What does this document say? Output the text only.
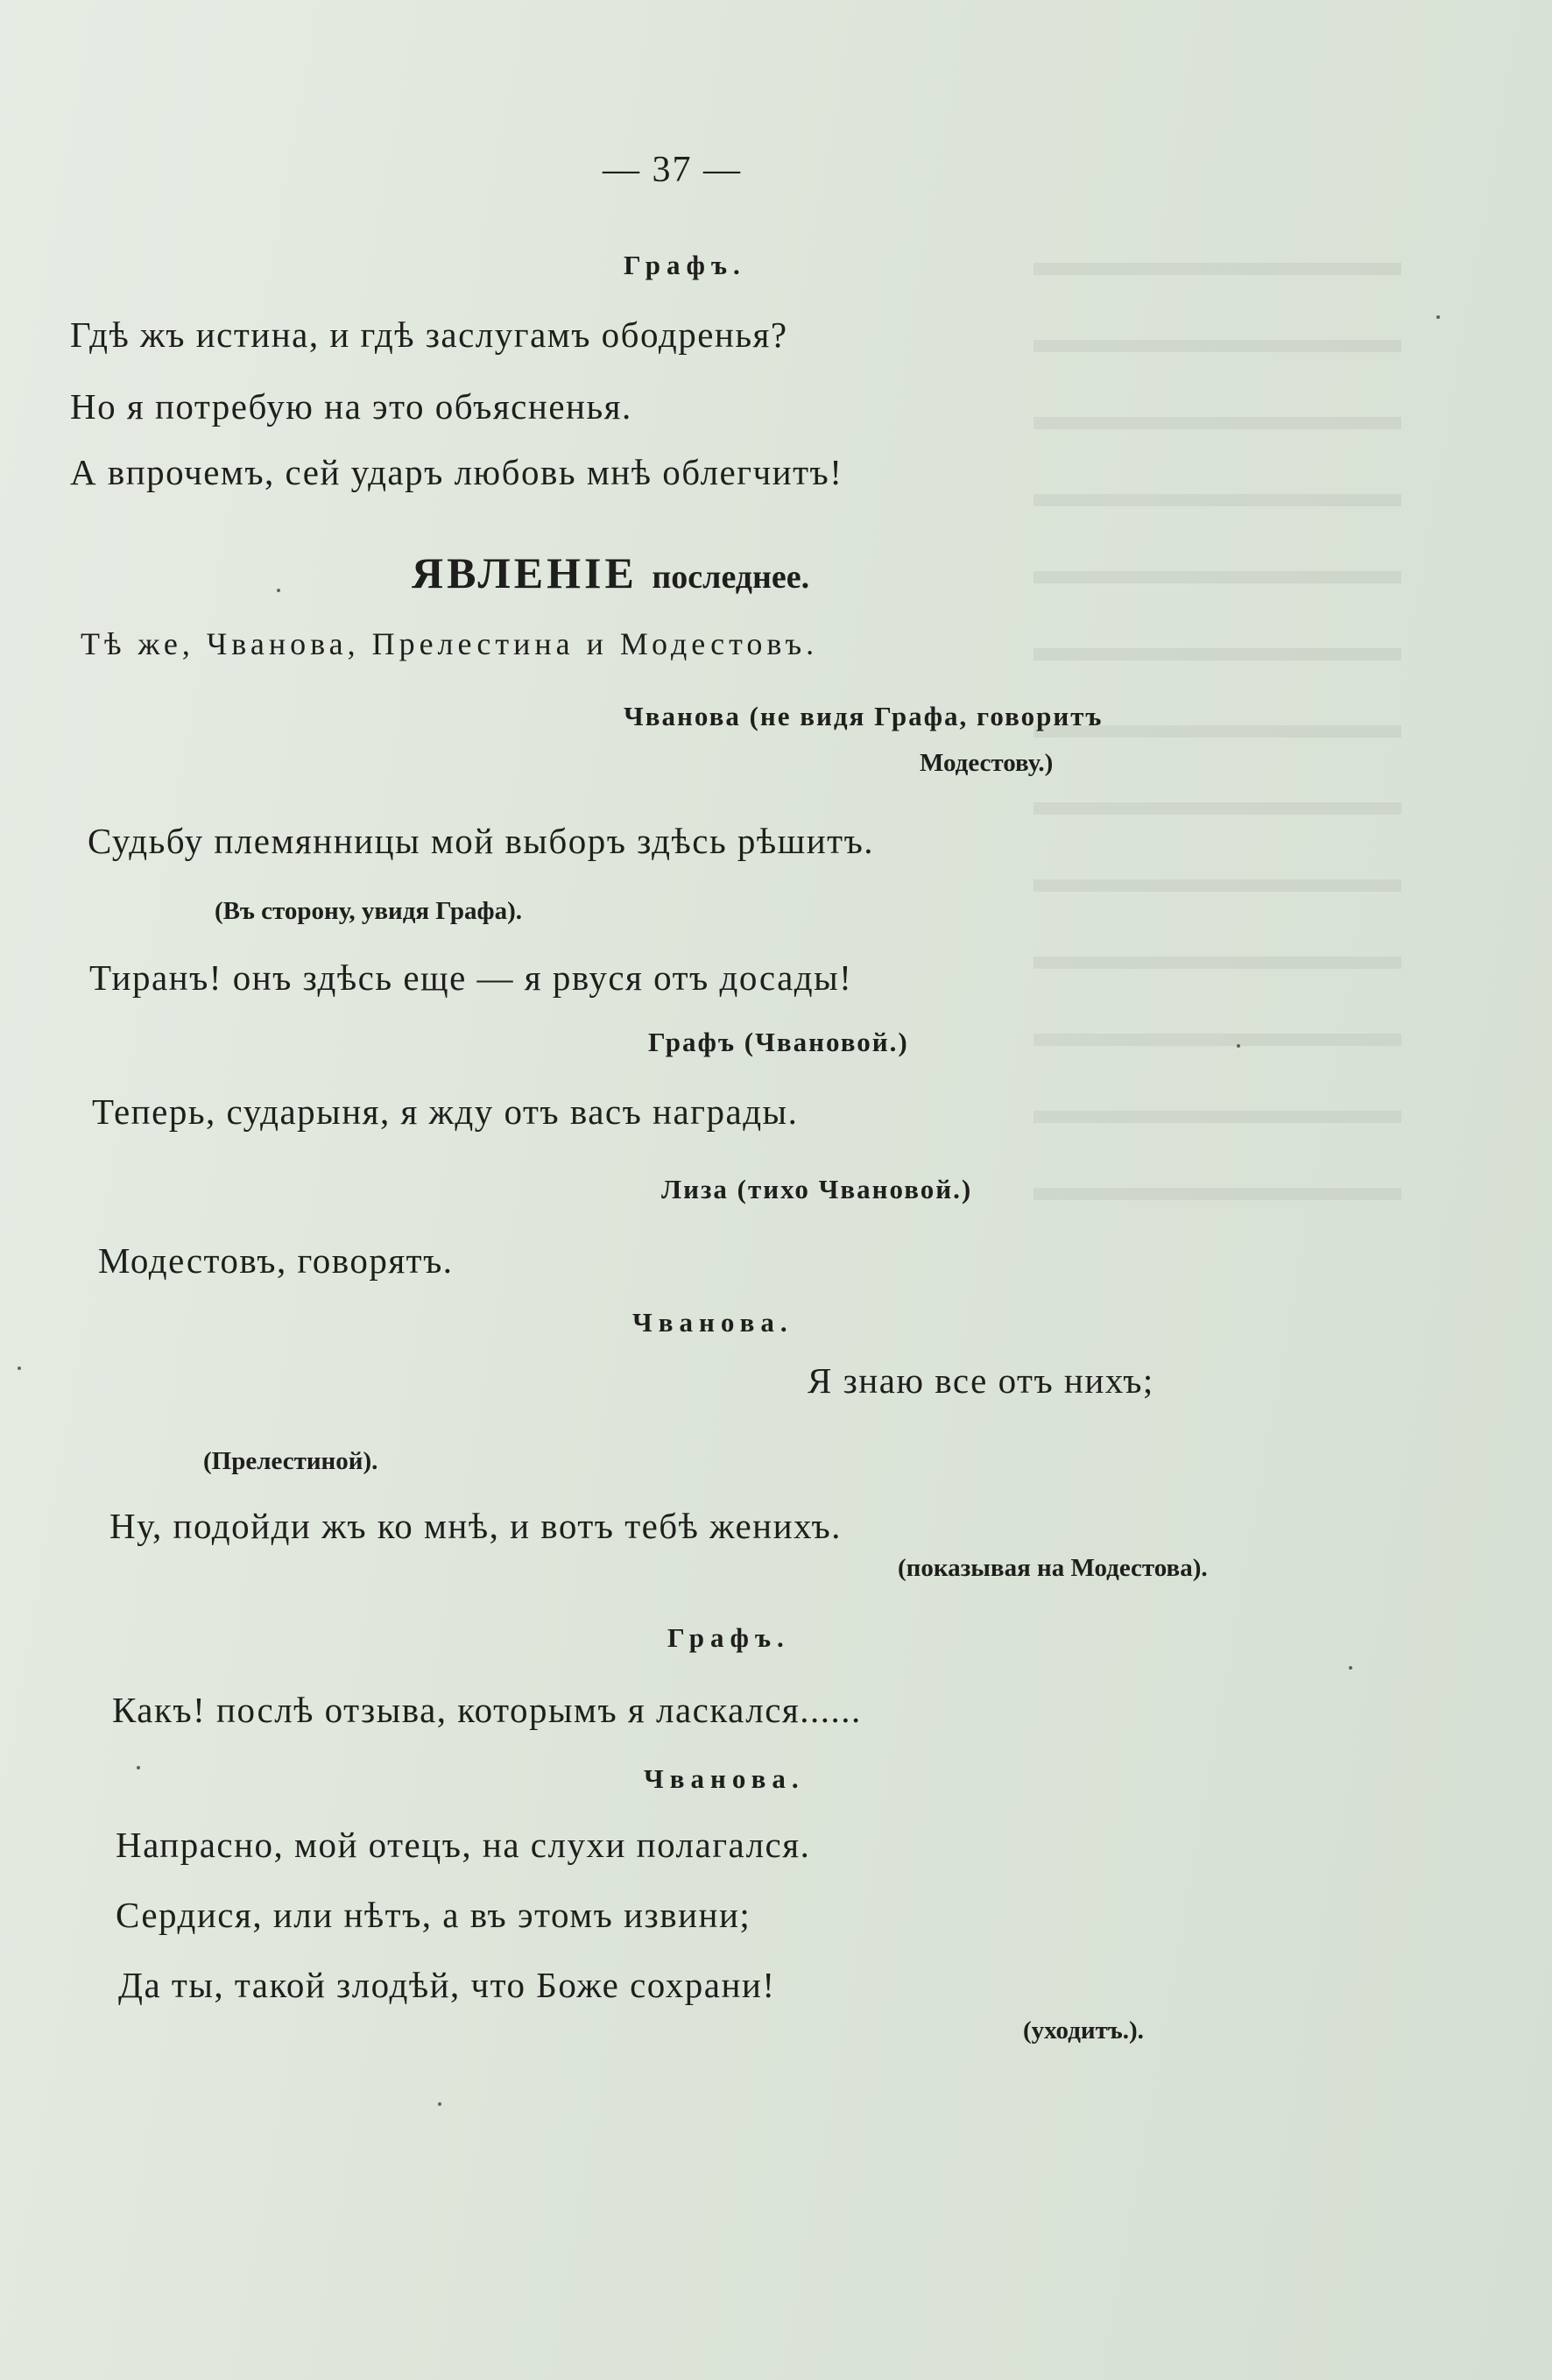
— 37 —
Графъ.
Гдѣ жъ истина, и гдѣ заслугамъ ободренья?
Но я потребую на это объясненья.
А впрочемъ, сей ударъ любовь мнѣ облегчитъ!
ЯВЛЕНIЕ последнее.
Тѣ же, Чванова, Прелестина и Модестовъ.
Чванова (не видя Графа, говоритъ
Модестову.)
Судьбу племянницы мой выборъ здѣсь рѣшитъ.
(Въ сторону, увидя Графа).
Тиранъ! онъ здѣсь еще — я рвуся отъ досады!
Графъ (Чвановой.)
Теперь, сударыня, я жду отъ васъ награды.
Лиза (тихо Чвановой.)
Модестовъ, говорятъ.
Чванова.
Я знаю все отъ нихъ;
(Прелестиной).
Ну, подойди жъ ко мнѣ, и вотъ тебѣ женихъ.
(показывая на Модестова).
Графъ.
Какъ! послѣ отзыва, которымъ я ласкался......
Чванова.
Напрасно, мой отецъ, на слухи полагался.
Сердися, или нѣтъ, а въ этомъ извини;
Да ты, такой злодѣй, что Боже сохрани!
(уходитъ.).
